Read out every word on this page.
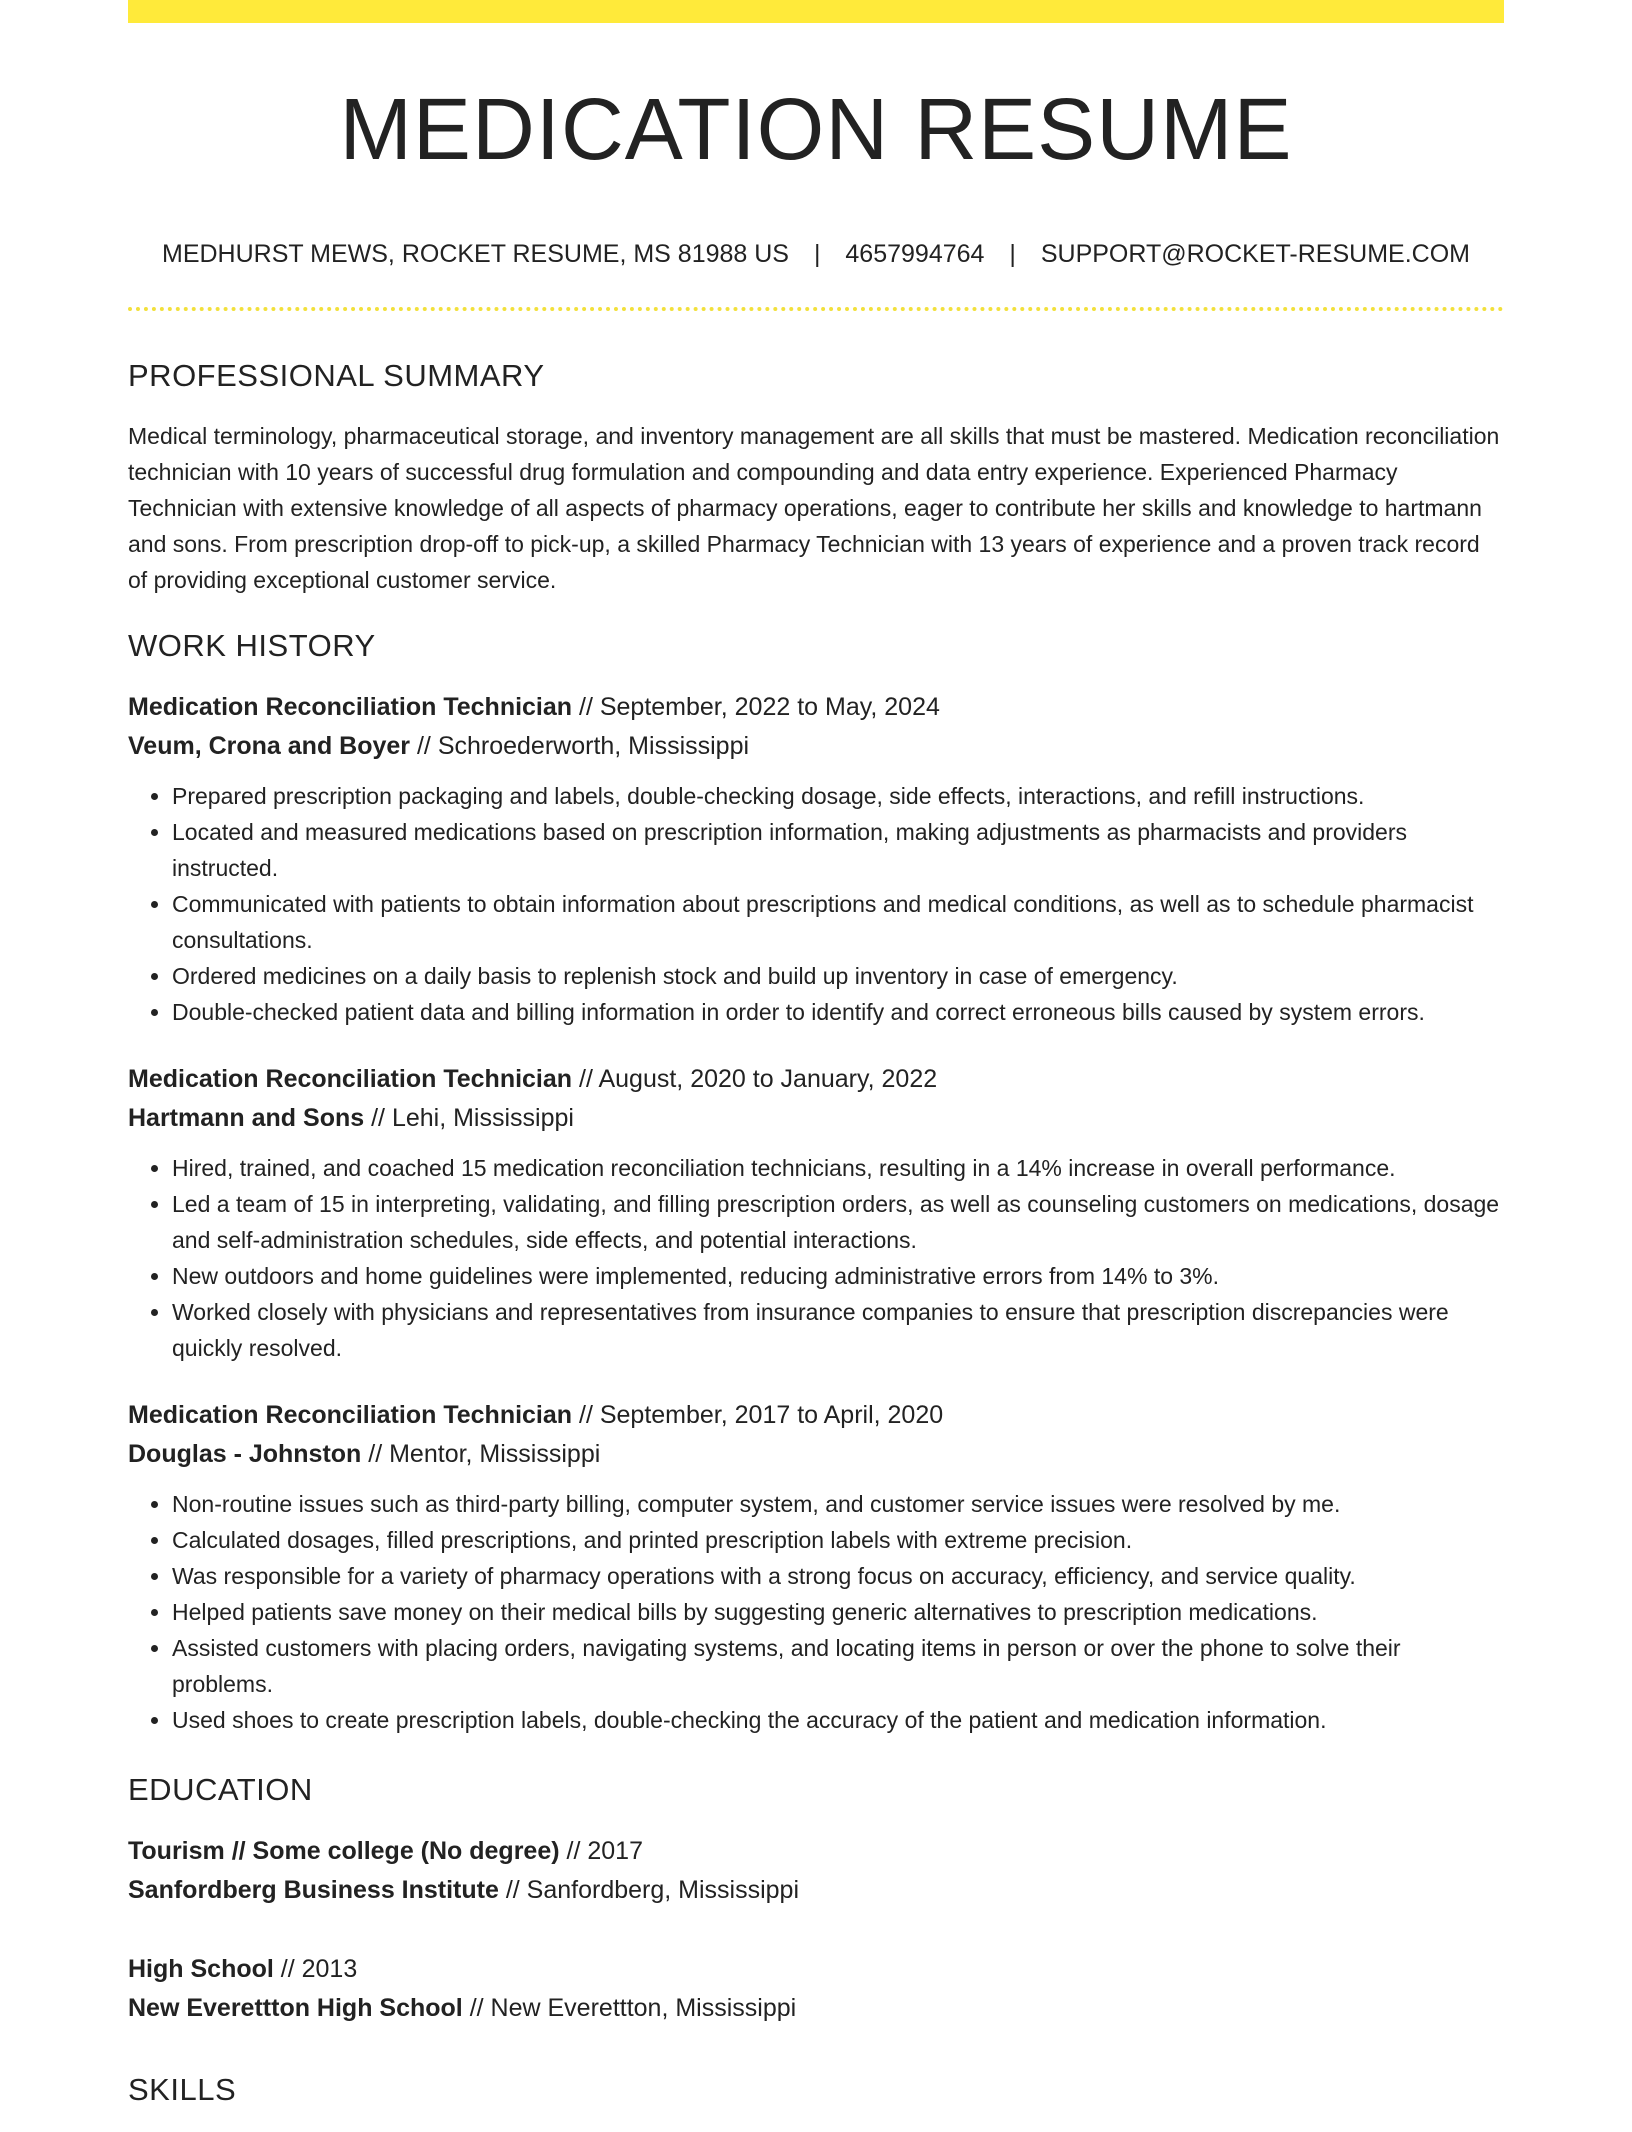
MEDICATION RESUME
MEDHURST MEWS, ROCKET RESUME, MS 81988 US | 4657994764 | SUPPORT@ROCKET-RESUME.COM
PROFESSIONAL SUMMARY

Medical terminology, pharmaceutical storage, and inventory management are all skills that must be mastered. Medication reconciliation technician with 10 years of successful drug formulation and compounding and data entry experience. Experienced Pharmacy Technician with extensive knowledge of all aspects of pharmacy operations, eager to contribute her skills and knowledge to hartmann and sons. From prescription drop-off to pick-up, a skilled Pharmacy Technician with 13 years of experience and a proven track record of providing exceptional customer service.

WORK HISTORY

Medication Reconciliation Technician // September, 2022 to May, 2024

Veum, Crona and Boyer // Schroederworth, Mississippi

• Prepared prescription packaging and labels, double-checking dosage, side effects, interactions, and refill instructions.
• Located and measured medications based on prescription information, making adjustments as pharmacists and providers instructed.
• Communicated with patients to obtain information about prescriptions and medical conditions, as well as to schedule pharmacist consultations.
• Ordered medicines on a daily basis to replenish stock and build up inventory in case of emergency.
• Double-checked patient data and billing information in order to identify and correct erroneous bills caused by system errors.

Medication Reconciliation Technician // August, 2020 to January, 2022

Hartmann and Sons // Lehi, Mississippi

• Hired, trained, and coached 15 medication reconciliation technicians, resulting in a 14% increase in overall performance.
• Led a team of 15 in interpreting, validating, and filling prescription orders, as well as counseling customers on medications, dosage and self-administration schedules, side effects, and potential interactions.
• New outdoors and home guidelines were implemented, reducing administrative errors from 14% to 3%.
• Worked closely with physicians and representatives from insurance companies to ensure that prescription discrepancies were quickly resolved.

Medication Reconciliation Technician // September, 2017 to April, 2020

Douglas - Johnston // Mentor, Mississippi

• Non-routine issues such as third-party billing, computer system, and customer service issues were resolved by me.
• Calculated dosages, filled prescriptions, and printed prescription labels with extreme precision.
• Was responsible for a variety of pharmacy operations with a strong focus on accuracy, efficiency, and service quality.
• Helped patients save money on their medical bills by suggesting generic alternatives to prescription medications.
• Assisted customers with placing orders, navigating systems, and locating items in person or over the phone to solve their problems.
• Used shoes to create prescription labels, double-checking the accuracy of the patient and medication information.
EDUCATION

Tourism // Some college (No degree) // 2017

Sanfordberg Business Institute // Sanfordberg, Mississippi

High School // 2013

New Everettton High School // New Everettton, Mississippi

SKILLS
